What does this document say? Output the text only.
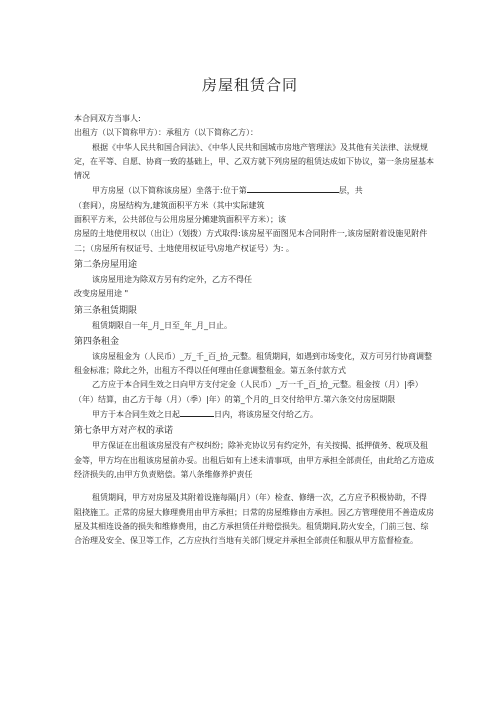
房屋租赁合同

本合同双方当事人:

出租方（以下简称甲方）：承租方（以下简称乙方）：

根据《中华人民共和国合同法》、《中华人民共和国城市房地产管理法》及其他有关法律、法规规定，在平等、自愿、协商一致的基础上，甲、乙双方就下列房屋的租赁达成如下协议，第一条房屋基本情况

甲方房屋（以下简称该房屋）坐落于:位于第	层，共

（套间），房屋结构为,建筑面积平方米（其中实际建筑

面积平方米，公共部位与公用房屋分摊建筑面积平方米）；该

房屋的土地使用权以（出让）（划拨）方式取得:该房屋平面图见本合同附件一,该房屋附着设施见附件二；（房屋所有权证号、土地使用权证号\房地产权证号）为: 。

第二条房屋用途

该房屋用途为除双方另有约定外，乙方不得任

改变房屋用途 "

第三条租赁期限

租赁期限自一年_月_日至_年_月_日止。

第四条租金

该房屋租金为（人民币）_万_千_百_拾_元整。租赁期间，如遇到市场变化，双方可另行协商调整租金标准；除此之外，出租方不得以任何理由任意调整租金。第五条付款方式

乙方应于本合同生效之日向甲方支付定金（人民币）_万一千_百_拾_元整。租金按（月）|季）（年）结算，由乙方于每（月）（季）|年）的第_个月的_日交付给甲方.第六条交付房屋期限

甲方于本合同生效之日起	日内，将该房屋交付给乙方。

第七条甲方对产权的承诺

甲方保证在出租该房屋没有产权纠纷；除补充协议另有约定外，有关按揭、抵押债务、税项及租金等，甲方均在出租该房屋前办妥。出租后如有上述未清事项，由甲方承担全部责任，由此给乙方造成经济损失的,由甲方负责赔偿。第八条维修养护责任

租赁期间，甲方对房屋及其附着设施每隔|月）（年）检查、修缮一次，乙方应予积极协助，不得阻挠施工。正常的房屋大修理费用由甲方承担；日常的房屋维修由方承担。因乙方管理使用不善造成房屋及其相连设备的损失和维修费用，由乙方承担赁任并赔偿损失。租赁期间,防火安全，门前三包、综合治理及安全、保卫等工作，乙方应执行当地有关部门规定并承担全部责任和服从甲方监督检查。
